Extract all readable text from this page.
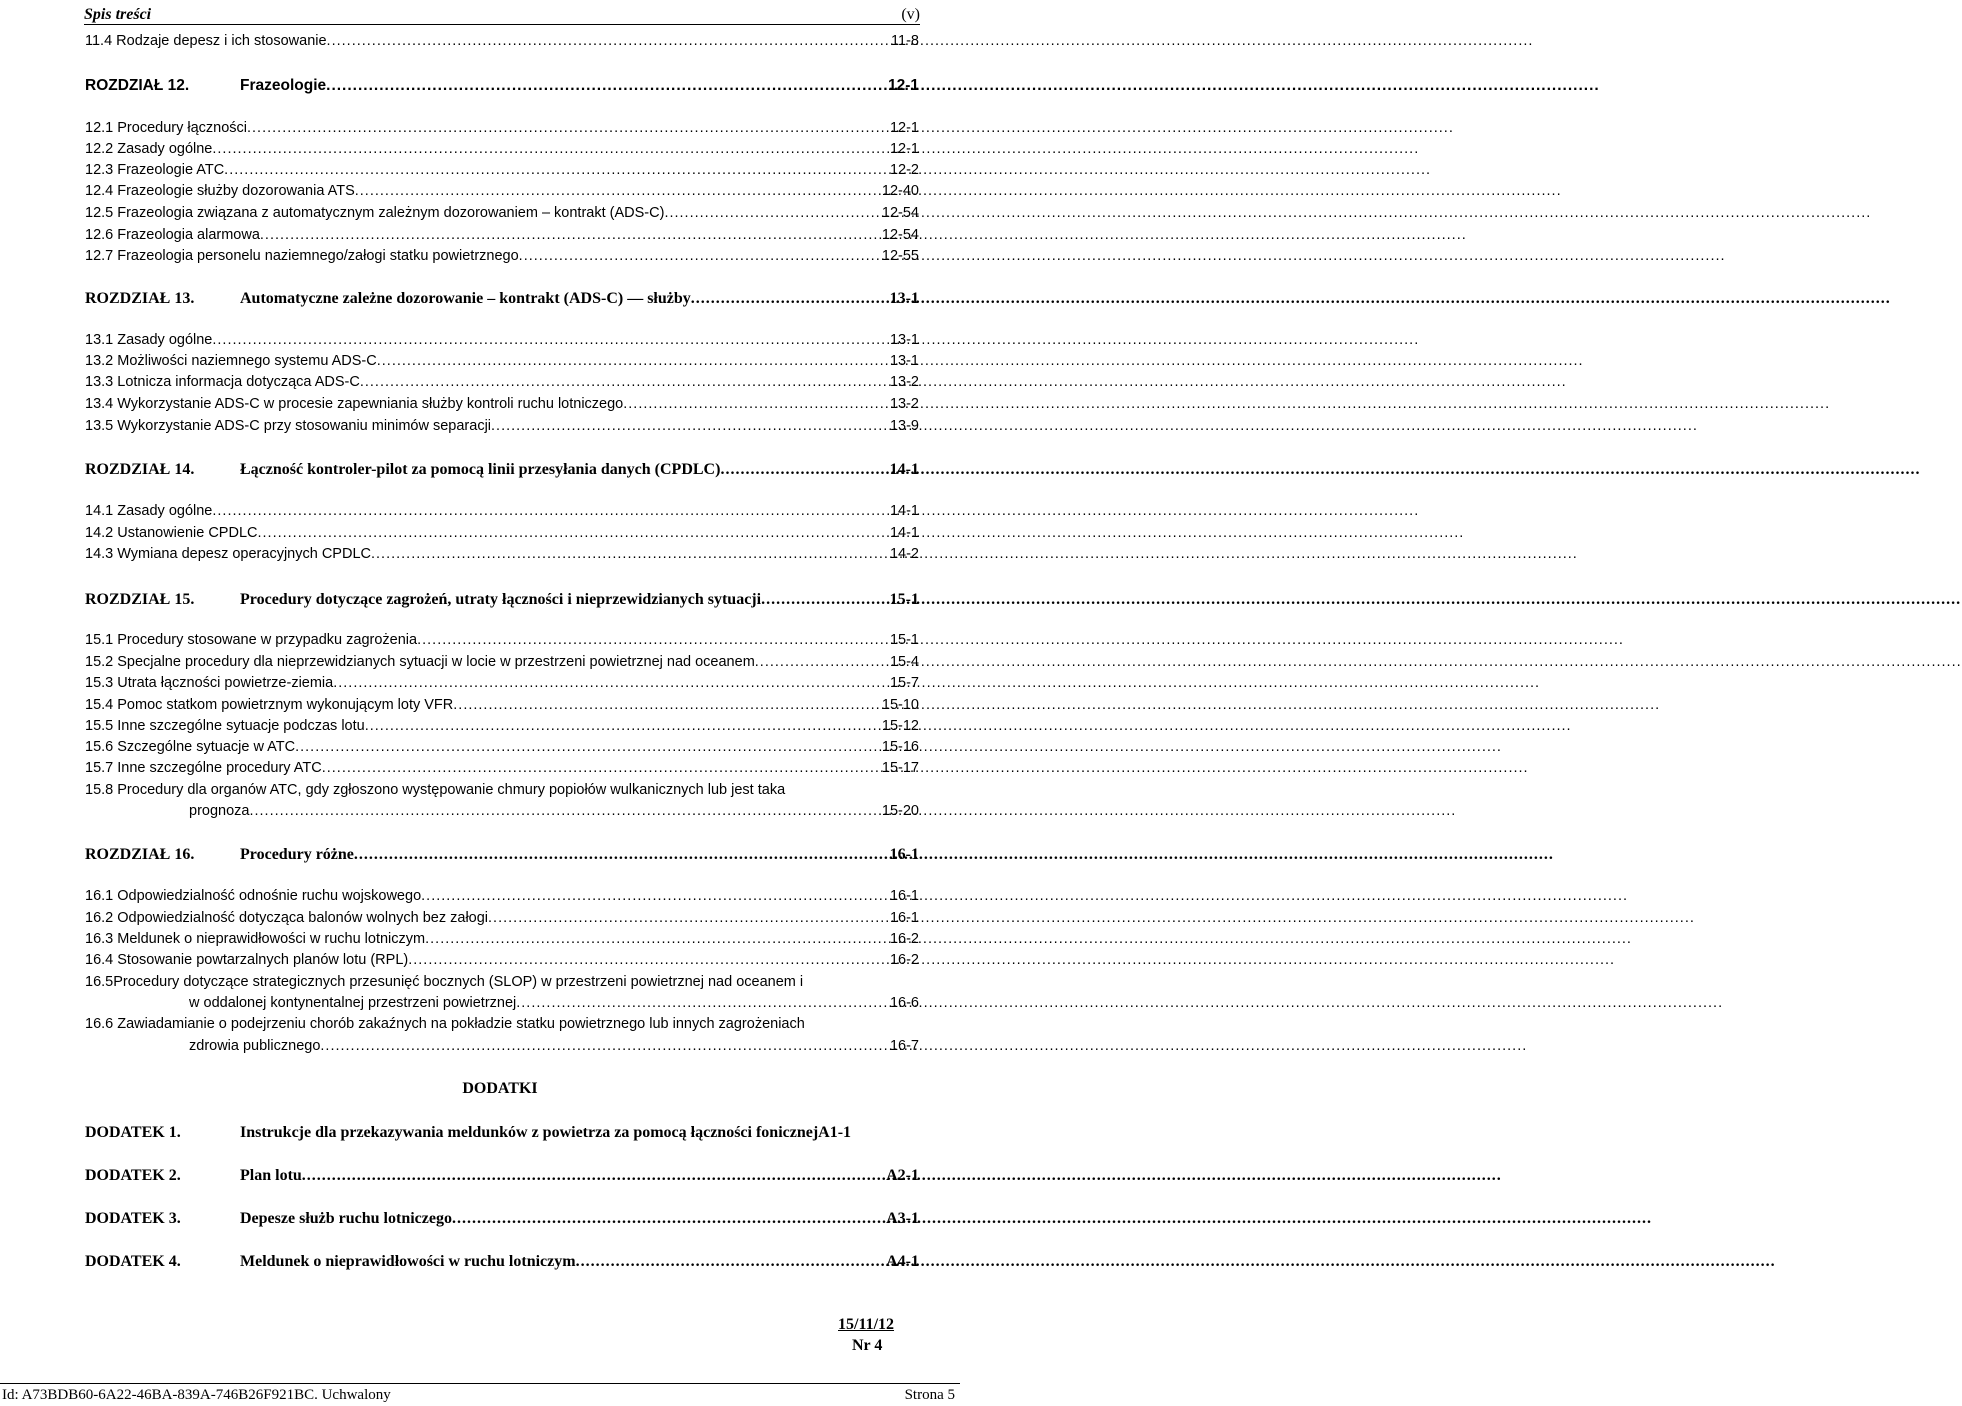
Spis treści	(v)
11.4 Rodzaje depesz i ich stosowanie .....	11-8
ROZDZIAŁ 12.	Frazeologie .....	12-1
12.1 Procedury łączności .....	12-1
12.2 Zasady ogólne .....	12-1
12.3 Frazeologie ATC .....	12-2
12.4 Frazeologie służby dozorowania ATS .....	12-40
12.5 Frazeologia związana z automatycznym zależnym dozorowaniem – kontrakt (ADS-C) .....	12-54
12.6 Frazeologia alarmowa .....	12-54
12.7 Frazeologia personelu naziemnego/załogi statku powietrznego .....	12-55
ROZDZIAŁ 13.	Automatyczne zależne dozorowanie – kontrakt (ADS-C) — służby .....	13-1
13.1 Zasady ogólne .....	13-1
13.2 Możliwości naziemnego systemu ADS-C .....	13-1
13.3 Lotnicza informacja dotycząca ADS-C .....	13-2
13.4 Wykorzystanie ADS-C w procesie zapewniania służby kontroli ruchu lotniczego .....	13-2
13.5 Wykorzystanie ADS-C przy stosowaniu minimów separacji .....	13-9
ROZDZIAŁ 14.	Łączność kontroler-pilot za pomocą linii przesyłania danych (CPDLC) .....	14-1
14.1 Zasady ogólne .....	14-1
14.2 Ustanowienie CPDLC .....	14-1
14.3 Wymiana depesz operacyjnych CPDLC .....	14-2
ROZDZIAŁ 15.	Procedury dotyczące zagrożeń, utraty łączności i nieprzewidzianych sytuacji .....	15-1
15.1 Procedury stosowane w przypadku zagrożenia .....	15-1
15.2 Specjalne procedury dla nieprzewidzianych sytuacji w locie w przestrzeni powietrznej nad oceanem .....	15-4
15.3 Utrata łączności powietrze-ziemia .....	15-7
15.4 Pomoc statkom powietrznym wykonującym loty VFR .....	15-10
15.5 Inne szczególne sytuacje podczas lotu .....	15-12
15.6 Szczególne sytuacje w ATC .....	15-16
15.7 Inne szczególne procedury ATC .....	15-17
15.8 Procedury dla organów ATC, gdy zgłoszono występowanie chmury popiołów wulkanicznych lub jest taka
prognoza .....	15-20
ROZDZIAŁ 16.	Procedury różne .....	16-1
16.1 Odpowiedzialność odnośnie ruchu wojskowego .....	16-1
16.2 Odpowiedzialność dotycząca balonów wolnych bez załogi .....	16-1
16.3 Meldunek o nieprawidłowości w ruchu lotniczym .....	16-2
16.4 Stosowanie powtarzalnych planów lotu (RPL) .....	16-2
16.5Procedury dotyczące strategicznych przesunięć bocznych (SLOP) w przestrzeni powietrznej nad oceanem i
w oddalonej kontynentalnej przestrzeni powietrznej .....	16-6
16.6 Zawiadamianie o podejrzeniu chorób zakaźnych na pokładzie statku powietrznego lub innych zagrożeniach
zdrowia publicznego .....	16-7
DODATKI
DODATEK 1.	Instrukcje dla przekazywania meldunków z powietrza za pomocą łączności fonicznej A1-1
DODATEK 2.	Plan lotu .....	A2-1
DODATEK 3.	Depesze służb ruchu lotniczego .....	A3-1
DODATEK 4.	Meldunek o nieprawidłowości w ruchu lotniczym .....	A4-1
15/11/12
Nr 4
Id: A73BDB60-6A22-46BA-839A-746B26F921BC. Uchwalony	Strona 5
